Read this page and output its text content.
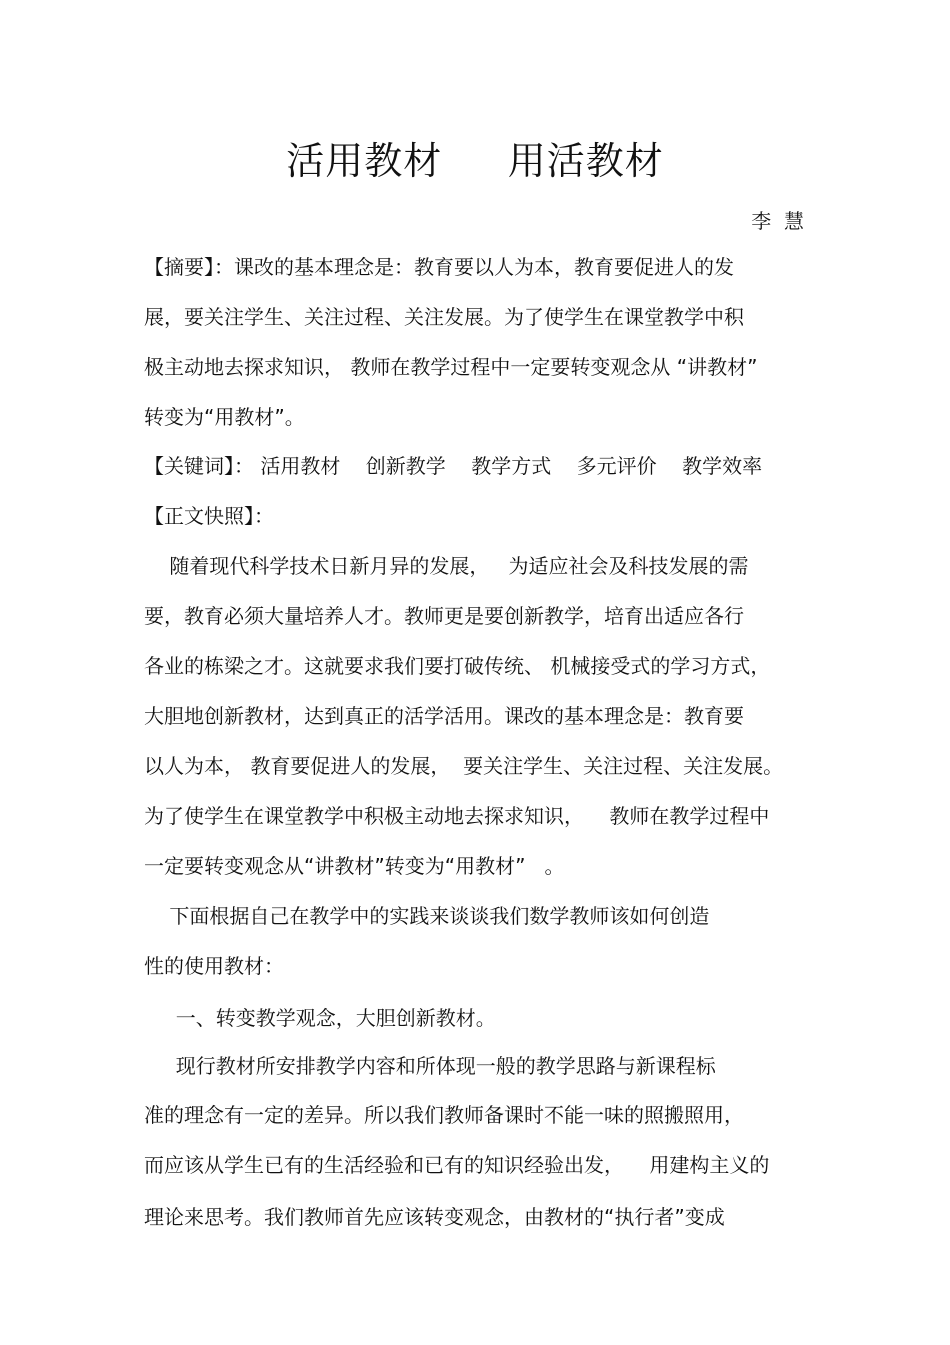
活用教材     用活教材
李  慧
【摘要】：课改的基本理念是：教育要以人为本，教育要促进人的发
展，要关注学生、关注过程、关注发展。为了使学生在课堂教学中积
极主动地去探求知识， 教师在教学过程中一定要转变观念从 “讲教材”
转变为“用教材”。
【关键词】： 活用教材    创新教学    教学方式    多元评价    教学效率
【正文快照】：
随着现代科学技术日新月异的发展，   为适应社会及科技发展的需
要，教育必须大量培养人才。教师更是要创新教学，培育出适应各行
各业的栋梁之才。这就要求我们要打破传统、 机械接受式的学习方式，
大胆地创新教材，达到真正的活学活用。课改的基本理念是：教育要
以人为本， 教育要促进人的发展，  要关注学生、关注过程、关注发展。
为了使学生在课堂教学中积极主动地去探求知识，    教师在教学过程中
一定要转变观念从“讲教材”转变为“用教材”   。
下面根据自己在教学中的实践来谈谈我们数学教师该如何创造
性的使用教材：
一、转变教学观念，大胆创新教材。
现行教材所安排教学内容和所体现一般的教学思路与新课程标
准的理念有一定的差异。所以我们教师备课时不能一味的照搬照用，
而应该从学生已有的生活经验和已有的知识经验出发，    用建构主义的
理论来思考。我们教师首先应该转变观念，由教材的“执行者”变成
